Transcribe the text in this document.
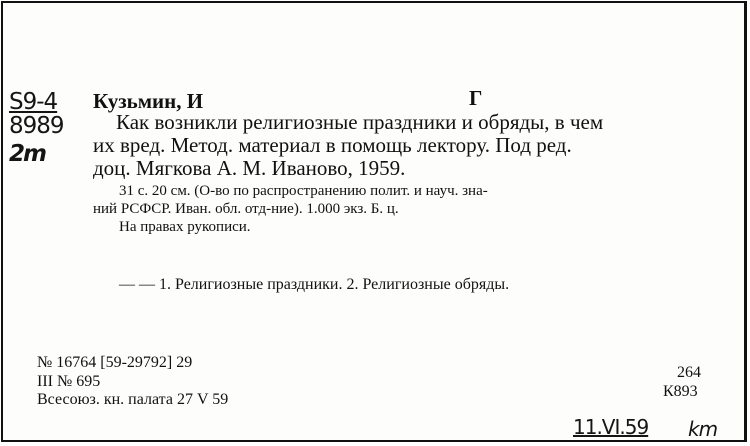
S9-4
8989
2m
Кузьмин, И	Г
Как возникли религиозные праздники и обряды, в чем
их вред. Метод. материал в помощь лектору. Под ред.
доц. Мягкова А. М. Иваново, 1959.
31 с. 20 см. (О-во по распространению полит. и науч. зна-
ний РСФСР. Иван. обл. отд-ние). 1.000 экз. Б. ц.
На правах рукописи.
— — 1. Религиозные праздники. 2. Религиозные обряды.
№ 16764 [59-29792] 29
III № 695
Всесоюз. кн. палата 27 V 59
264
К893
11.VI.59 km
